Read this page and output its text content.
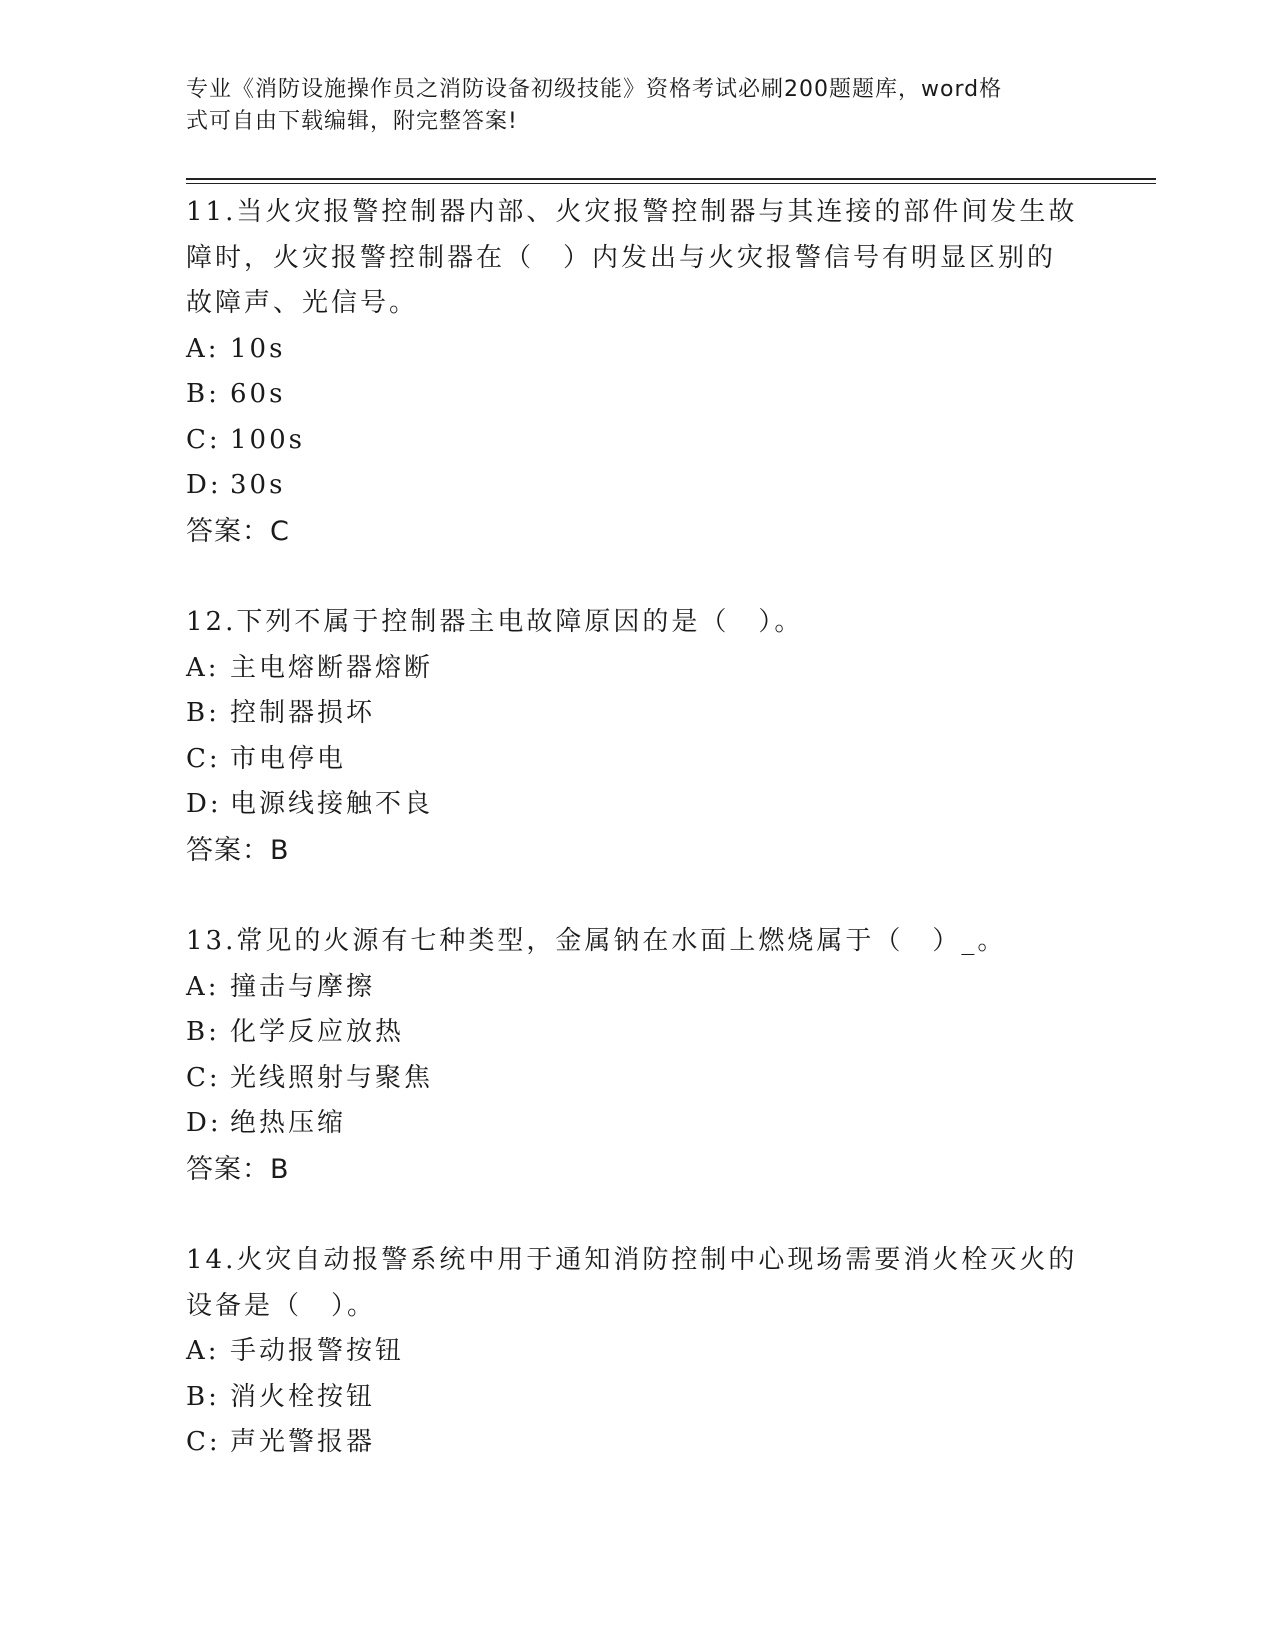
专业《消防设施操作员之消防设备初级技能》资格考试必刷200题题库，word格
式可自由下载编辑，附完整答案!
11.当火灾报警控制器内部、火灾报警控制器与其连接的部件间发生故
障时，火灾报警控制器在（　）内发出与火灾报警信号有明显区别的
故障声、光信号。
A: 10s
B: 60s
C: 100s
D: 30s
答案：C
12.下列不属于控制器主电故障原因的是（　）。
A: 主电熔断器熔断
B: 控制器损坏
C: 市电停电
D: 电源线接触不良
答案：B
13.常见的火源有七种类型，金属钠在水面上燃烧属于（　）_。
A: 撞击与摩擦
B: 化学反应放热
C: 光线照射与聚焦
D: 绝热压缩
答案：B
14.火灾自动报警系统中用于通知消防控制中心现场需要消火栓灭火的
设备是（　）。
A: 手动报警按钮
B: 消火栓按钮
C: 声光警报器
